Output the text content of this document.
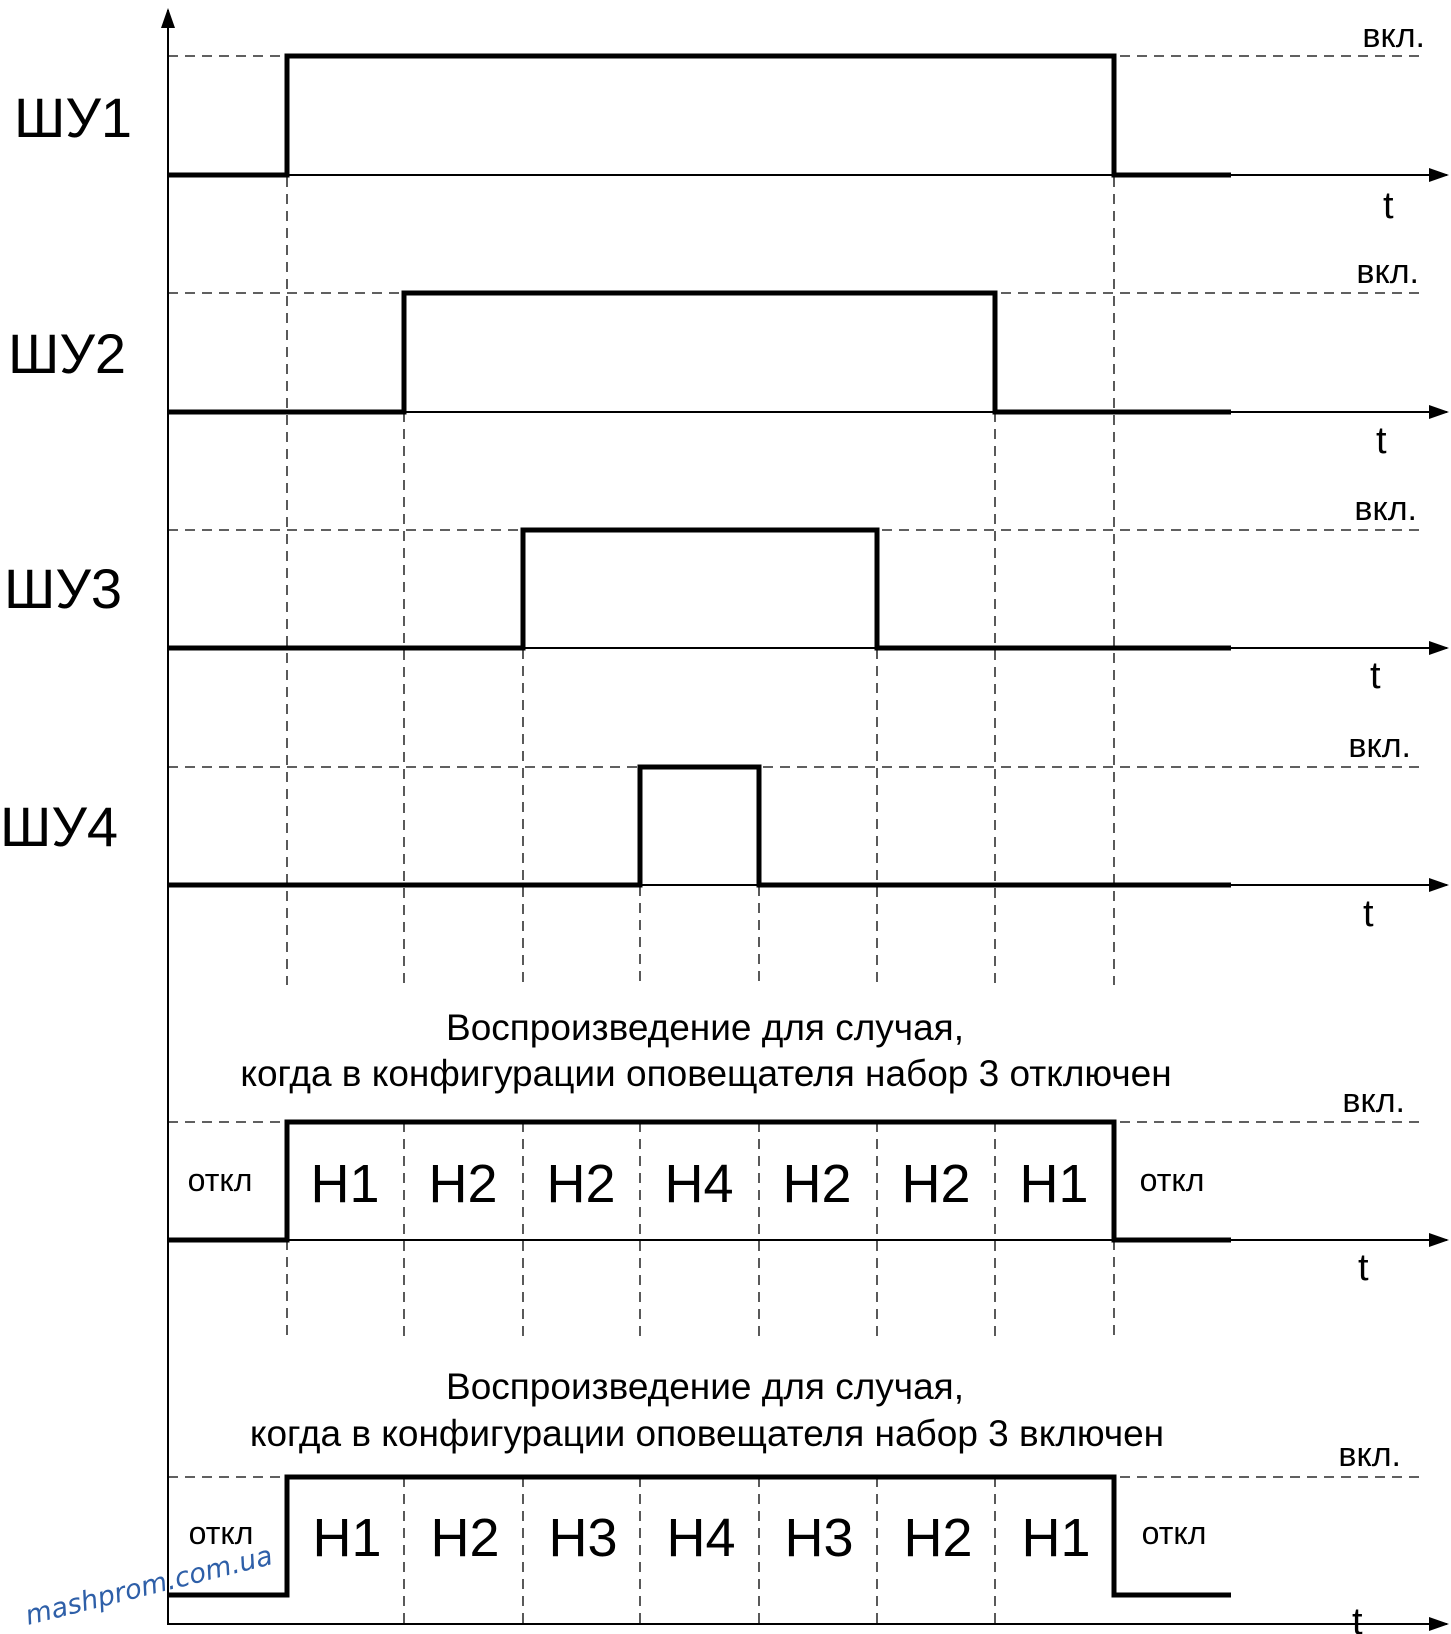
ШУ1
ШУ2
ШУ3
ШУ4
вкл.
вкл.
вкл.
вкл.
вкл.
вкл.
t
t
t
t
t
t
Воспроизведение для случая,
когда в конфигурации оповещателя набор 3 отключен
Воспроизведение для случая,
когда в конфигурации оповещателя набор 3 включен
откл	откл
откл	откл
Н1 Н2 Н2 Н4 Н2 Н2 Н1
Н1 Н2 Н3 Н4 Н3 Н2 Н1
mashprom.com.ua
